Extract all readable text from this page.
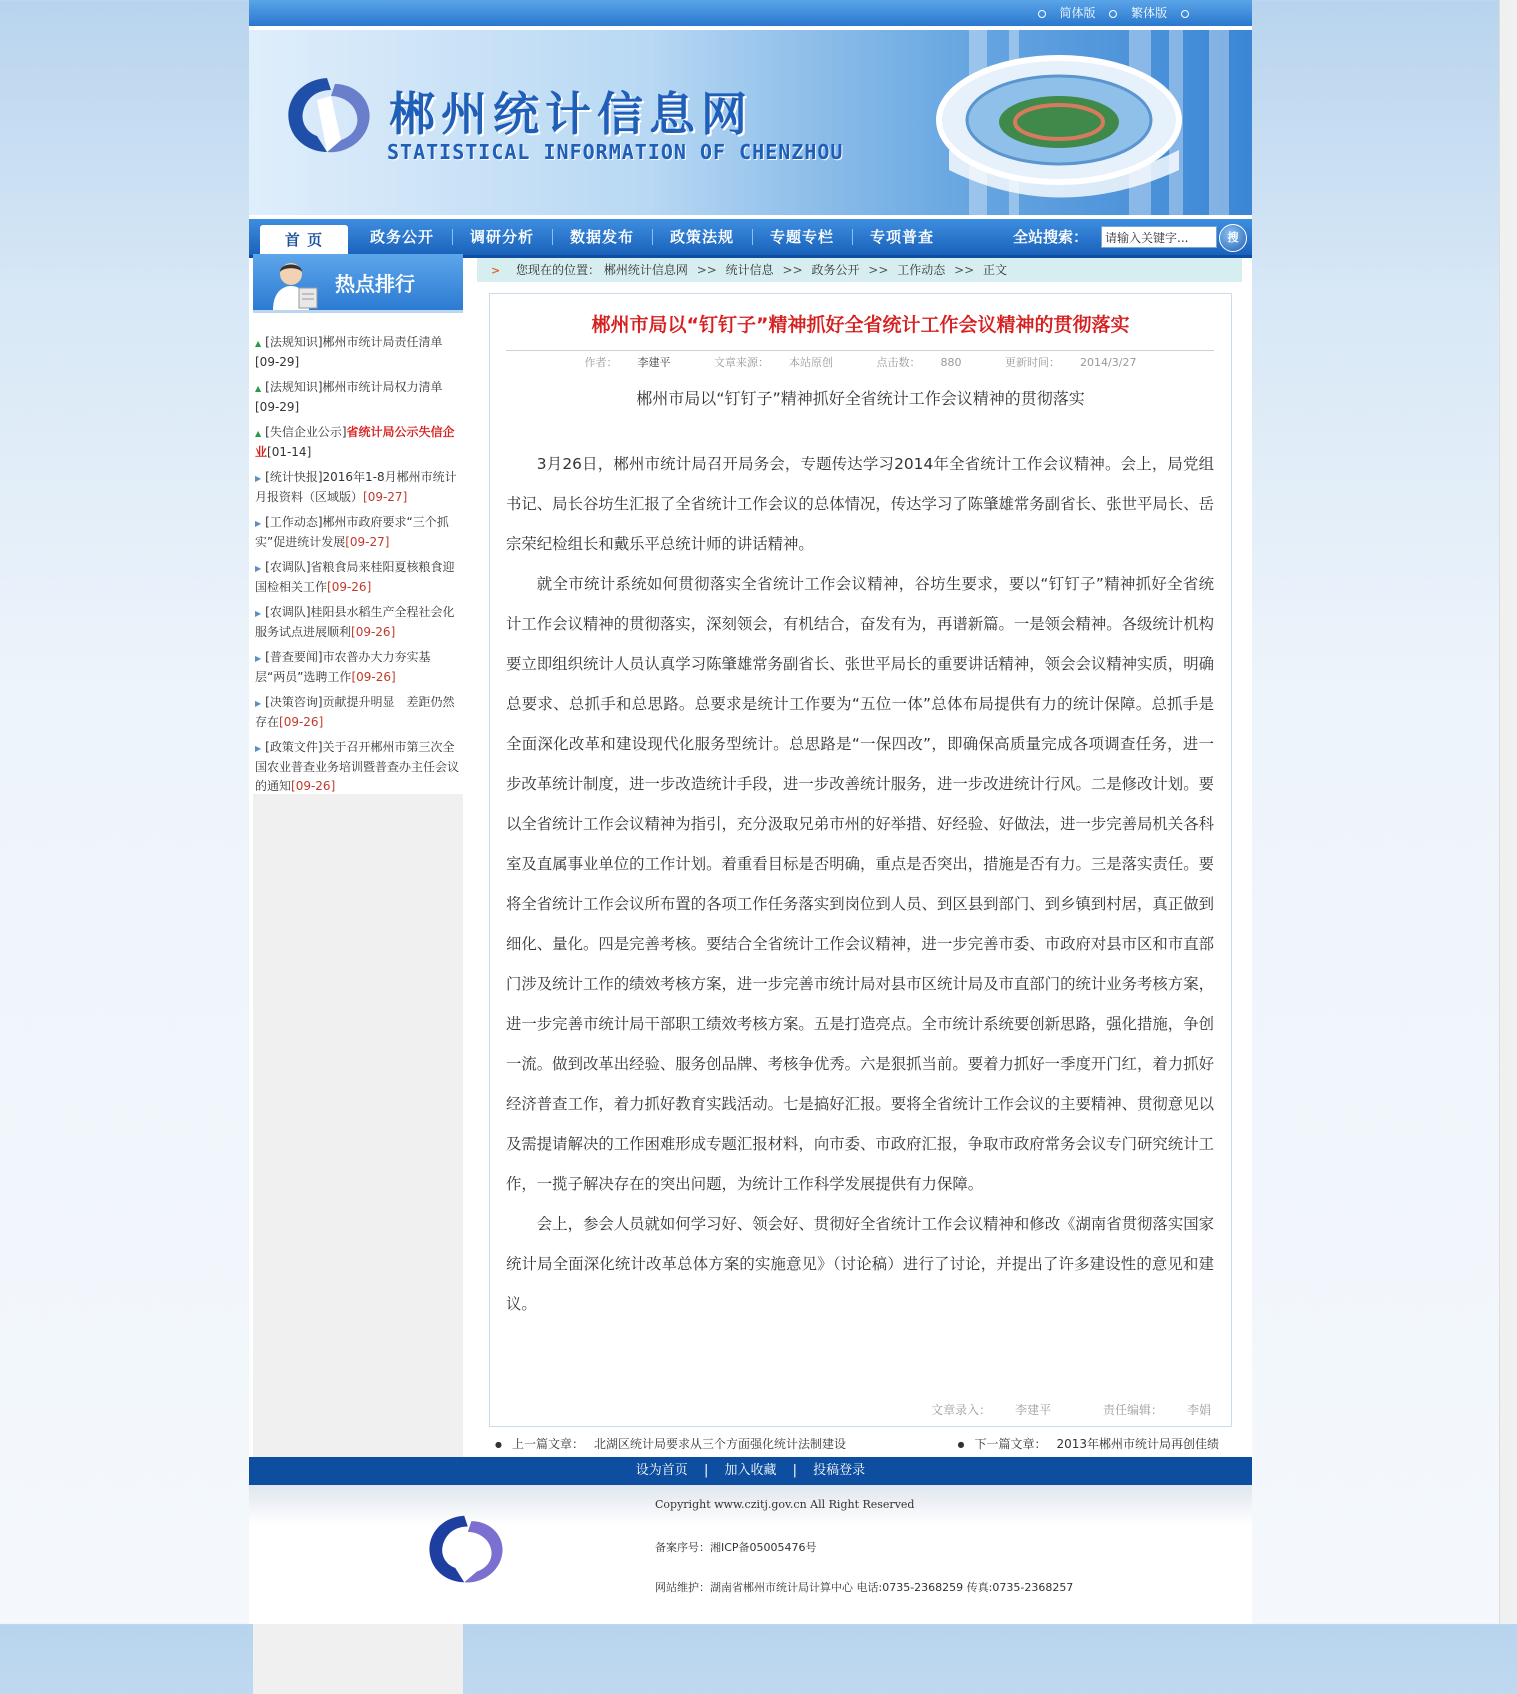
简体版	繁体版
郴州统计信息网
STATISTICAL INFORMATION OF CHENZHOU
首 页	政务公开	调研分析	数据发布	政策法规	专题专栏	专项普查	全站搜索：
请输入关键字...	搜
热点排行
▲ [法规知识]郴州市统计局责任清单
[09-29]
▲ [法规知识]郴州市统计局权力清单
[09-29]
▲ [失信企业公示]省统计局公示失信企业[01-14]
▶ [统计快报]2016年1-8月郴州市统计月报资料（区域版）[09-27]
▶ [工作动态]郴州市政府要求“三个抓实”促进统计发展[09-27]
▶ [农调队]省粮食局来桂阳夏核粮食迎国检相关工作[09-26]
▶ [农调队]桂阳县水稻生产全程社会化服务试点进展顺利[09-26]
▶ [普查要闻]市农普办大力夯实基层“两员”选聘工作[09-26]
▶ [决策咨询]贡献提升明显　差距仍然存在[09-26]
▶ [政策文件]关于召开郴州市第三次全国农业普查业务培训暨普查办主任会议的通知[09-26]
> 您现在的位置： 郴州统计信息网 >> 统计信息 >> 政务公开 >> 工作动态 >> 正文
郴州市局以“钉钉子”精神抓好全省统计工作会议精神的贯彻落实
作者： 李建平	文章来源： 本站原创	点击数： 880	更新时间： 2014/3/27
郴州市局以“钉钉子”精神抓好全省统计工作会议精神的贯彻落实

3月26日，郴州市统计局召开局务会，专题传达学习2014年全省统计工作会议精神。会上，局党组书记、局长谷坊生汇报了全省统计工作会议的总体情况，传达学习了陈肇雄常务副省长、张世平局长、岳宗荣纪检组长和戴乐平总统计师的讲话精神。

就全市统计系统如何贯彻落实全省统计工作会议精神，谷坊生要求，要以“钉钉子”精神抓好全省统计工作会议精神的贯彻落实，深刻领会，有机结合，奋发有为，再谱新篇。一是领会精神。各级统计机构要立即组织统计人员认真学习陈肇雄常务副省长、张世平局长的重要讲话精神，领会会议精神实质，明确总要求、总抓手和总思路。总要求是统计工作要为“五位一体”总体布局提供有力的统计保障。总抓手是全面深化改革和建设现代化服务型统计。总思路是“一保四改”，即确保高质量完成各项调查任务，进一步改革统计制度，进一步改造统计手段，进一步改善统计服务，进一步改进统计行风。二是修改计划。要以全省统计工作会议精神为指引，充分汲取兄弟市州的好举措、好经验、好做法，进一步完善局机关各科室及直属事业单位的工作计划。着重看目标是否明确，重点是否突出，措施是否有力。三是落实责任。要将全省统计工作会议所布置的各项工作任务落实到岗位到人员、到区县到部门、到乡镇到村居，真正做到细化、量化。四是完善考核。要结合全省统计工作会议精神，进一步完善市委、市政府对县市区和市直部门涉及统计工作的绩效考核方案，进一步完善市统计局对县市区统计局及市直部门的统计业务考核方案，进一步完善市统计局干部职工绩效考核方案。五是打造亮点。全市统计系统要创新思路，强化措施，争创一流。做到改革出经验、服务创品牌、考核争优秀。六是狠抓当前。要着力抓好一季度开门红，着力抓好经济普查工作，着力抓好教育实践活动。七是搞好汇报。要将全省统计工作会议的主要精神、贯彻意见以及需提请解决的工作困难形成专题汇报材料，向市委、市政府汇报，争取市政府常务会议专门研究统计工作，一揽子解决存在的突出问题，为统计工作科学发展提供有力保障。

会上，参会人员就如何学习好、领会好、贯彻好全省统计工作会议精神和修改《湖南省贯彻落实国家统计局全面深化统计改革总体方案的实施意见》（讨论稿）进行了讨论，并提出了许多建设性的意见和建议。

文章录入： 李建平	责任编辑： 李娟
● 上一篇文章： 北湖区统计局要求从三个方面强化统计法制建设	● 下一篇文章： 2013年郴州市统计局再创佳绩
设为首页 | 加入收藏 | 投稿登录
Copyright www.czitj.gov.cn All Right Reserved
备案序号：湘ICP备05005476号
网站维护：湖南省郴州市统计局计算中心 电话:0735-2368259 传真:0735-2368257
